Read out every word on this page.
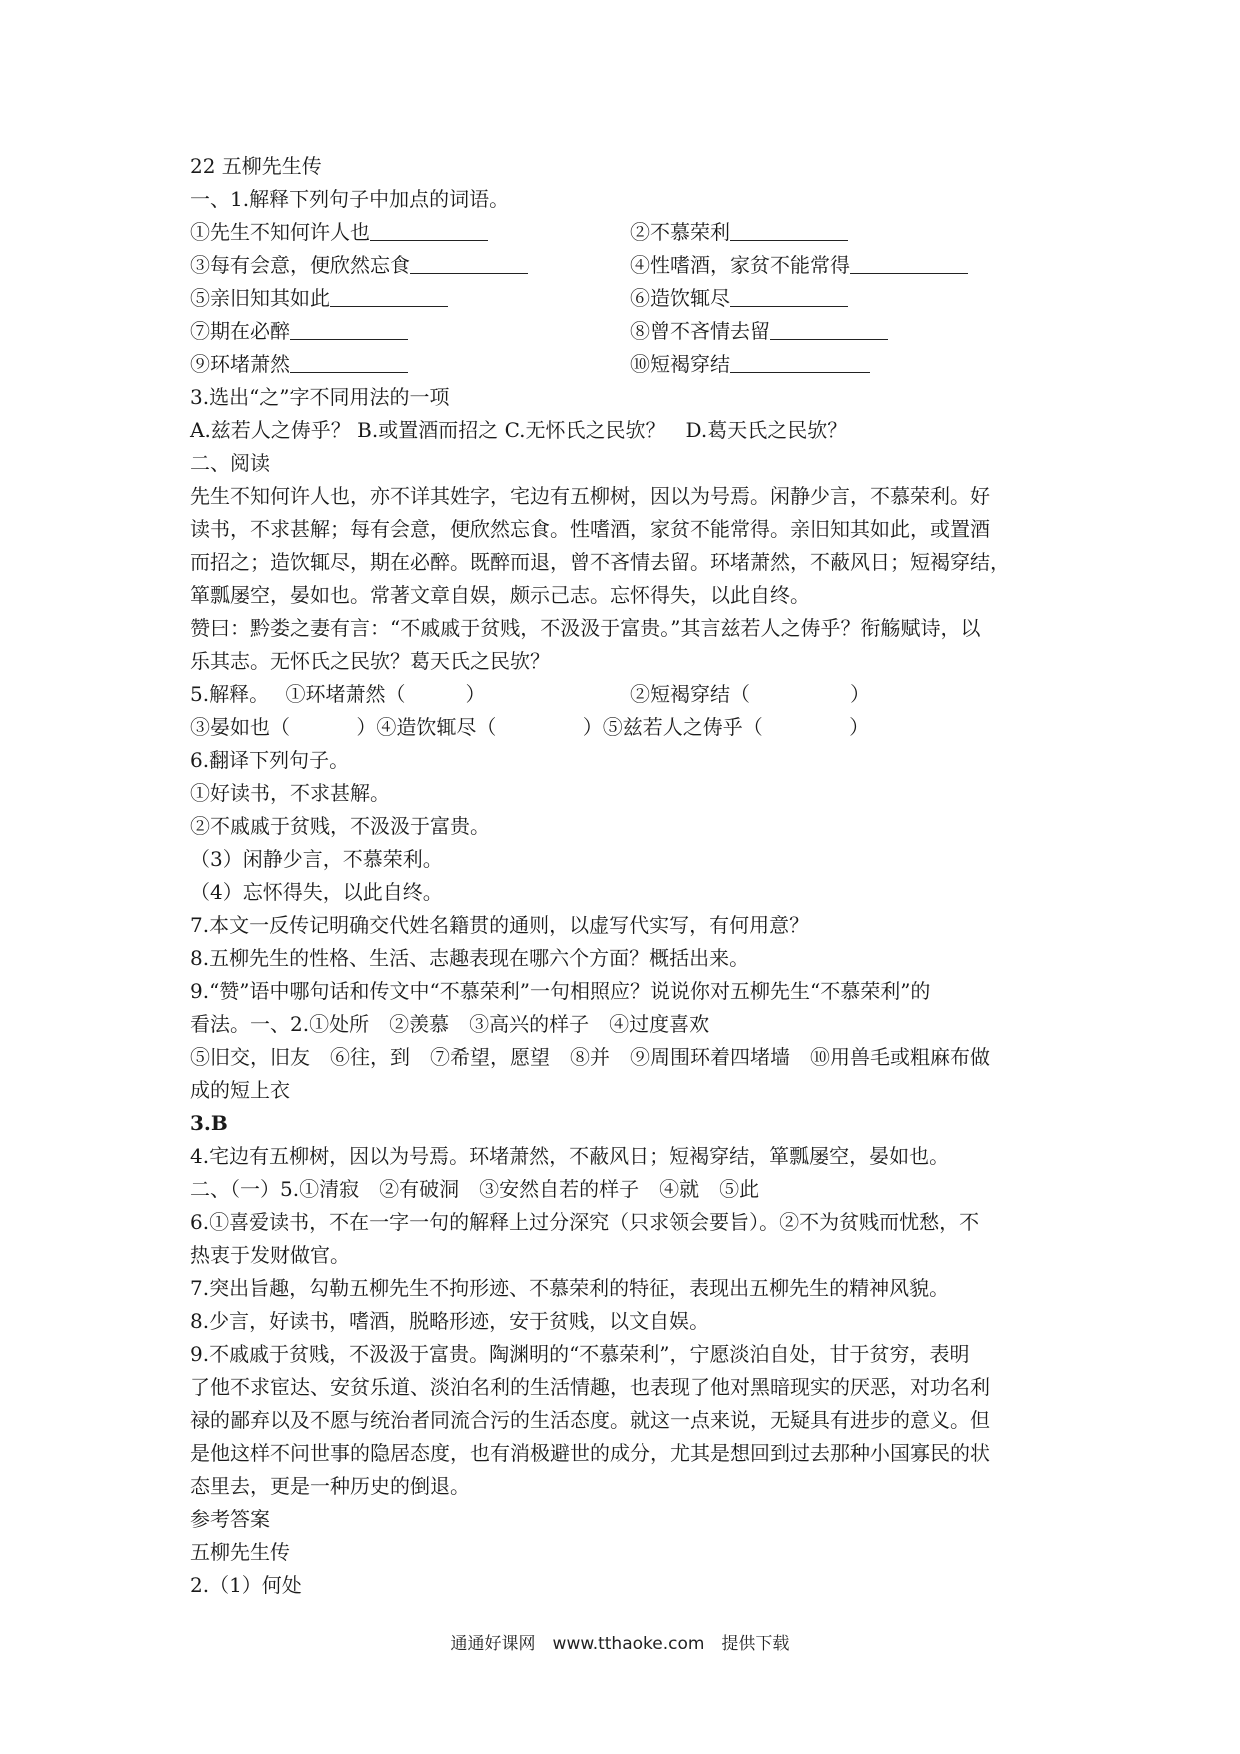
22 五柳先生传
一、1.解释下列句子中加点的词语。
①先生不知何许人也	②不慕荣利
③每有会意，便欣然忘食	④性嗜酒，家贫不能常得
⑤亲旧知其如此	⑥造饮辄尽
⑦期在必醉	⑧曾不吝情去留
⑨环堵萧然	⑩短褐穿结
3.选出“之”字不同用法的一项
A.兹若人之俦乎？ B.或置酒而招之 C.无怀氏之民欤？　D.葛天氏之民欤？
二、阅读
先生不知何许人也，亦不详其姓字，宅边有五柳树，因以为号焉。闲静少言，不慕荣利。好
读书，不求甚解；每有会意，便欣然忘食。性嗜酒，家贫不能常得。亲旧知其如此，或置酒
而招之；造饮辄尽，期在必醉。既醉而退，曾不吝情去留。环堵萧然，不蔽风日；短褐穿结，
箪瓢屡空，晏如也。常著文章自娱，颇示己志。忘怀得失，以此自终。
赞曰：黔娄之妻有言：“不戚戚于贫贱，不汲汲于富贵。”其言兹若人之俦乎？衔觞赋诗，以
乐其志。无怀氏之民欤？葛天氏之民欤？
5.解释。　 ①环堵萧然（　　　）	②短褐穿结（　　　　　）
③晏如也（　　　 ）④造饮辄尽（　　　　 ）⑤兹若人之俦乎（　　　　 ）
6.翻译下列句子。
①好读书，不求甚解。
②不戚戚于贫贱，不汲汲于富贵。
（3）闲静少言，不慕荣利。
（4）忘怀得失，以此自终。
7.本文一反传记明确交代姓名籍贯的通则，以虚写代实写，有何用意？
8.五柳先生的性格、生活、志趣表现在哪六个方面？概括出来。
9.“赞”语中哪句话和传文中“不慕荣利”一句相照应？说说你对五柳先生“不慕荣利”的
看法。一、2.①处所　②羡慕　③高兴的样子　④过度喜欢
⑤旧交，旧友　⑥往，到　⑦希望，愿望　⑧并　⑨周围环着四堵墙　⑩用兽毛或粗麻布做
成的短上衣
3.B
4.宅边有五柳树，因以为号焉。环堵萧然，不蔽风日；短褐穿结，箪瓢屡空，晏如也。
二、（一）5.①清寂　②有破洞　③安然自若的样子　④就　⑤此
6.①喜爱读书，不在一字一句的解释上过分深究（只求领会要旨）。②不为贫贱而忧愁，不
热衷于发财做官。
7.突出旨趣，勾勒五柳先生不拘形迹、不慕荣利的特征，表现出五柳先生的精神风貌。
8.少言，好读书，嗜酒，脱略形迹，安于贫贱，以文自娱。
9.不戚戚于贫贱，不汲汲于富贵。陶渊明的“不慕荣利”，宁愿淡泊自处，甘于贫穷，表明
了他不求宦达、安贫乐道、淡泊名利的生活情趣，也表现了他对黑暗现实的厌恶，对功名利
禄的鄙弃以及不愿与统治者同流合污的生活态度。就这一点来说，无疑具有进步的意义。但
是他这样不问世事的隐居态度，也有消极避世的成分，尤其是想回到过去那种小国寡民的状
态里去，更是一种历史的倒退。
参考答案
五柳先生传
2.（1）何处
通通好课网　www.tthaoke.com　提供下载
